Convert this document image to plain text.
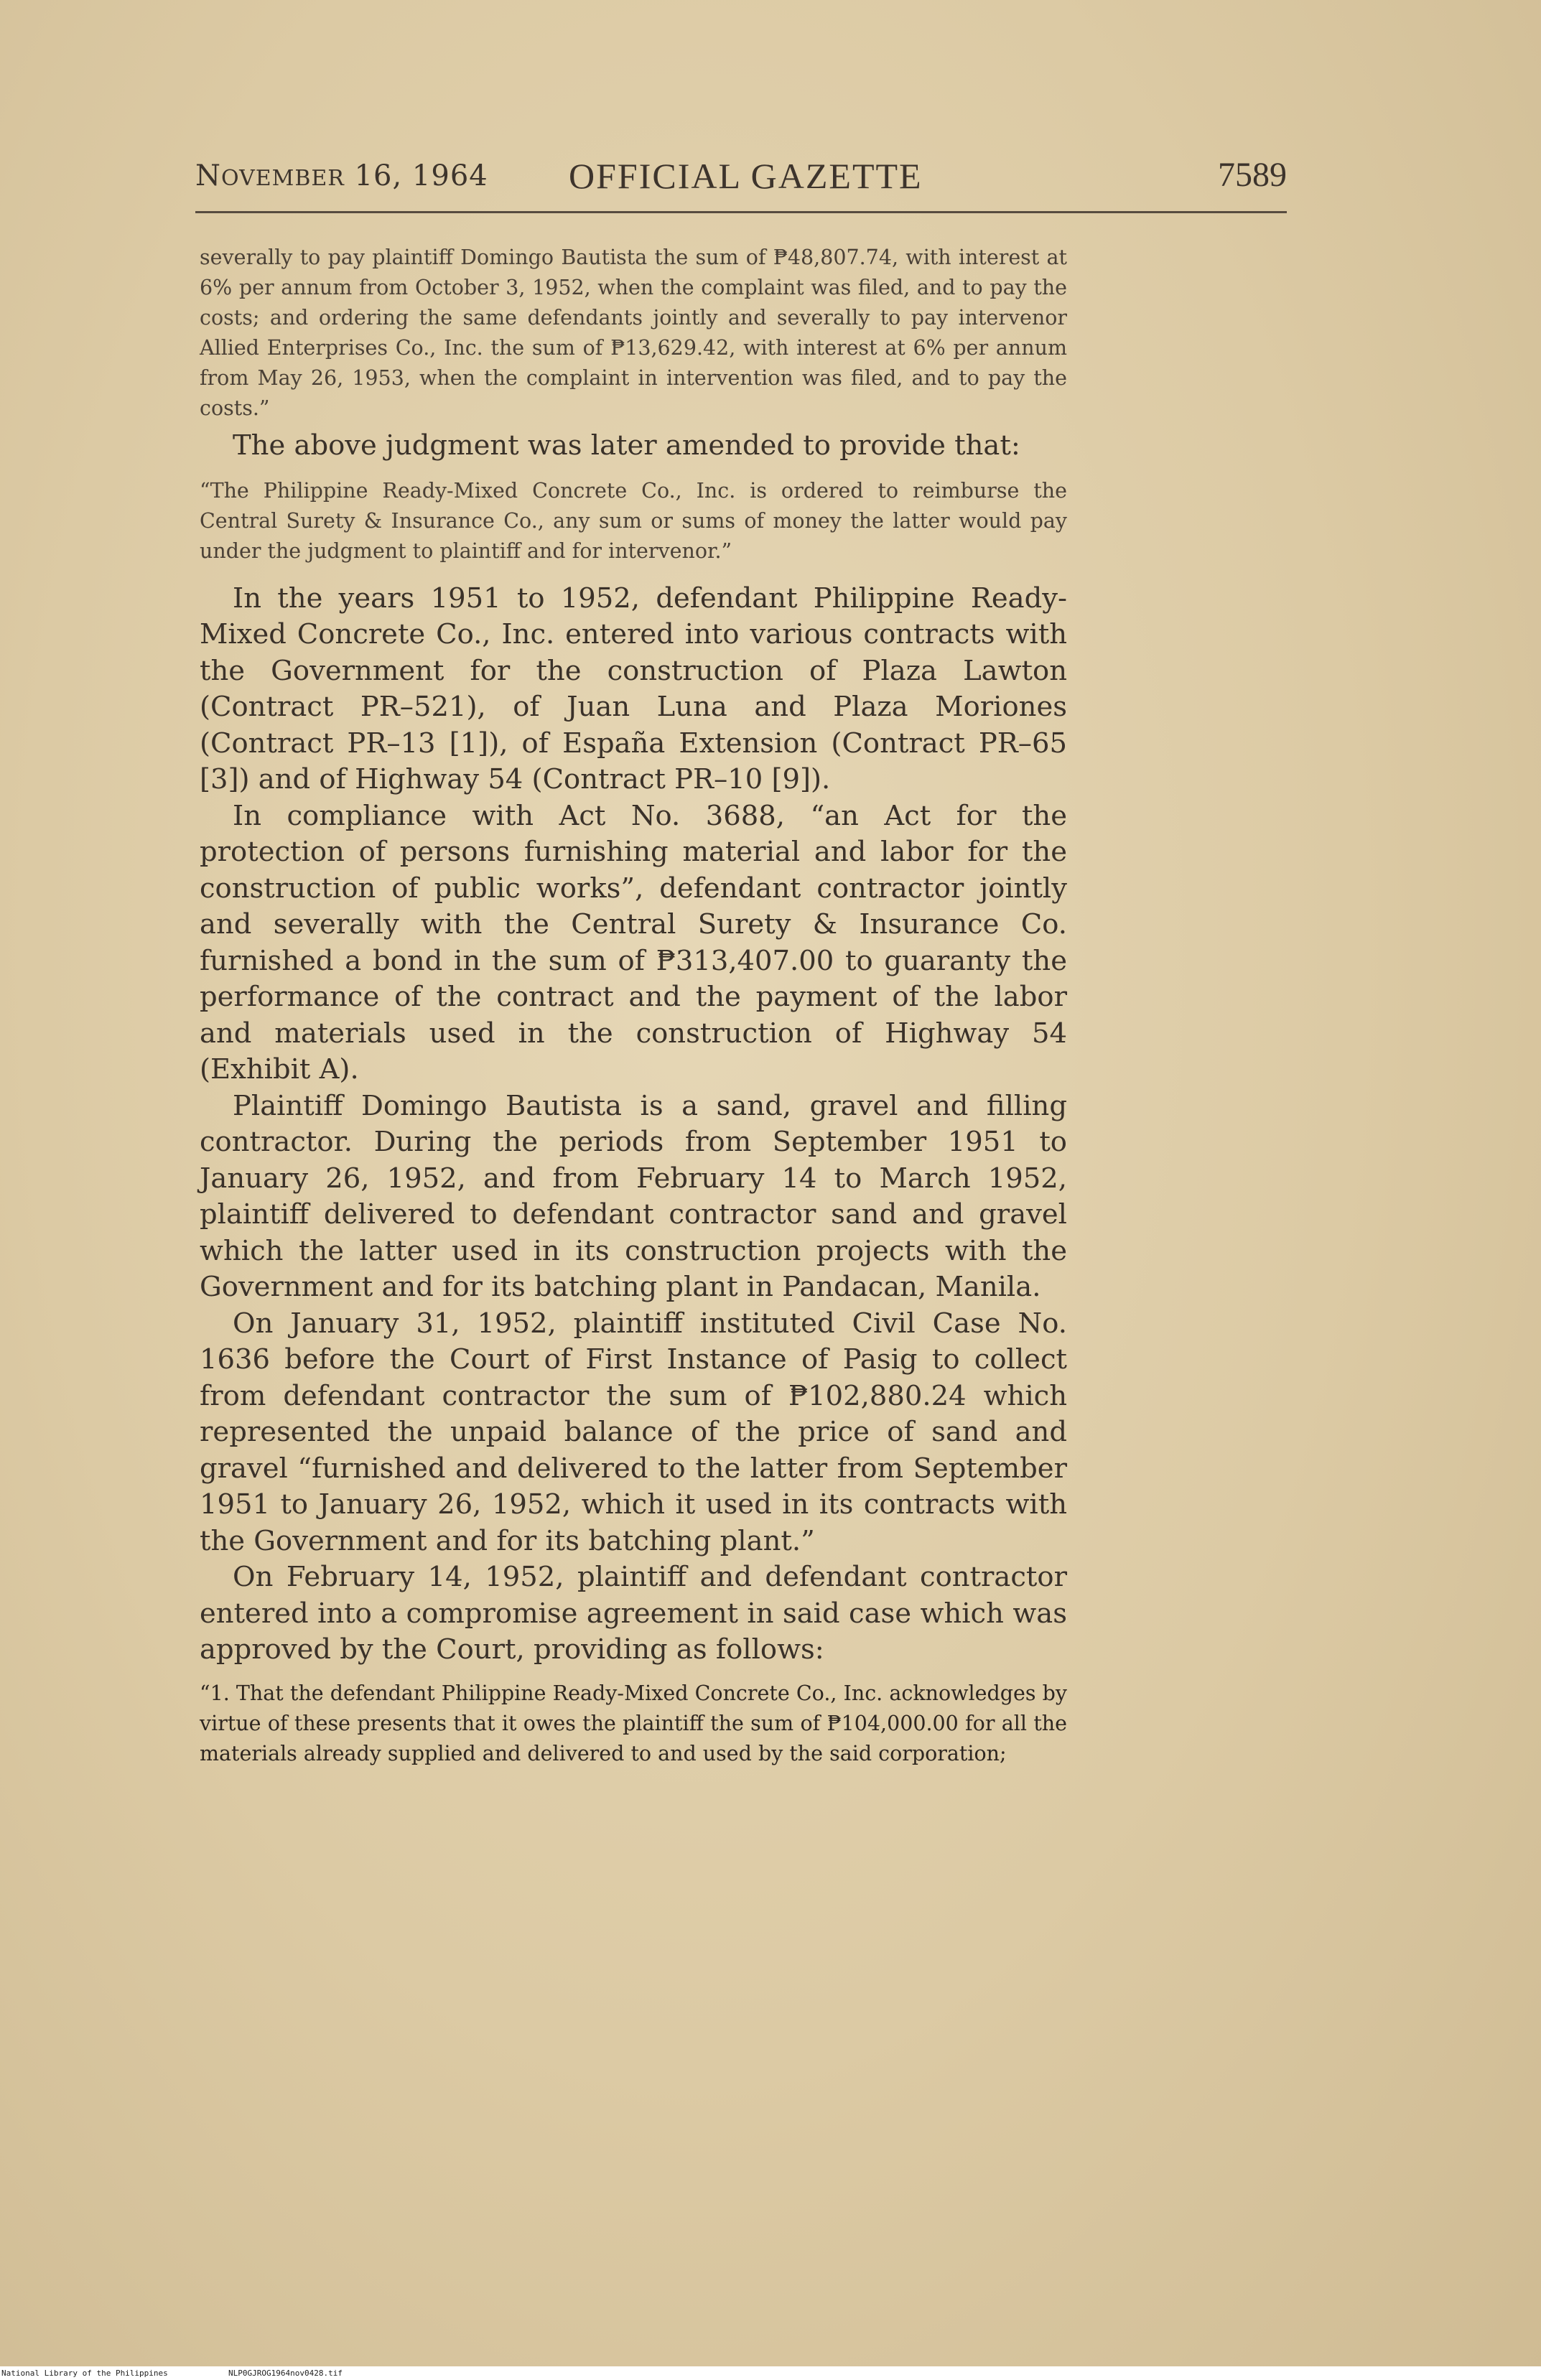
NOVEMBER 16, 1964 OFFICIAL GAZETTE	7589

severally to pay plaintiff Domingo Bautista the sum of ₱48,807.74, with interest at 6% per annum from October 3, 1952, when the complaint was filed, and to pay the costs; and ordering the same defendants jointly and severally to pay intervenor Allied Enterprises Co., Inc. the sum of ₱13,629.42, with interest at 6% per annum from May 26, 1953, when the complaint in intervention was filed, and to pay the costs.”

The above judgment was later amended to provide that:

“The Philippine Ready-Mixed Concrete Co., Inc. is ordered to reimburse the Central Surety & Insurance Co., any sum or sums of money the latter would pay under the judgment to plaintiff and for intervenor.”

In the years 1951 to 1952, defendant Philippine Ready-Mixed Concrete Co., Inc. entered into various contracts with the Government for the construction of Plaza Lawton (Contract PR–521), of Juan Luna and Plaza Moriones (Contract PR–13 [1]), of España Extension (Contract PR–65 [3]) and of Highway 54 (Contract PR–10 [9]).

In compliance with Act No. 3688, “an Act for the protection of persons furnishing material and labor for the construction of public works”, defendant contractor jointly and severally with the Central Surety & Insurance Co. furnished a bond in the sum of ₱313,407.00 to guaranty the performance of the contract and the payment of the labor and materials used in the construction of Highway 54 (Exhibit A).

Plaintiff Domingo Bautista is a sand, gravel and filling contractor. During the periods from September 1951 to January 26, 1952, and from February 14 to March 1952, plaintiff delivered to defendant contractor sand and gravel which the latter used in its construction projects with the Government and for its batching plant in Pandacan, Manila.

On January 31, 1952, plaintiff instituted Civil Case No. 1636 before the Court of First Instance of Pasig to collect from defendant contractor the sum of ₱102,880.24 which represented the unpaid balance of the price of sand and gravel “furnished and delivered to the latter from September 1951 to January 26, 1952, which it used in its contracts with the Government and for its batching plant.”

On February 14, 1952, plaintiff and defendant contractor entered into a compromise agreement in said case which was approved by the Court, providing as follows:

“1. That the defendant Philippine Ready-Mixed Concrete Co., Inc. acknowledges by virtue of these presents that it owes the plaintiff the sum of ₱104,000.00 for all the materials already supplied and delivered to and used by the said corporation;

National Library of the Philippines	NLP0GJROG1964nov0428.tif
